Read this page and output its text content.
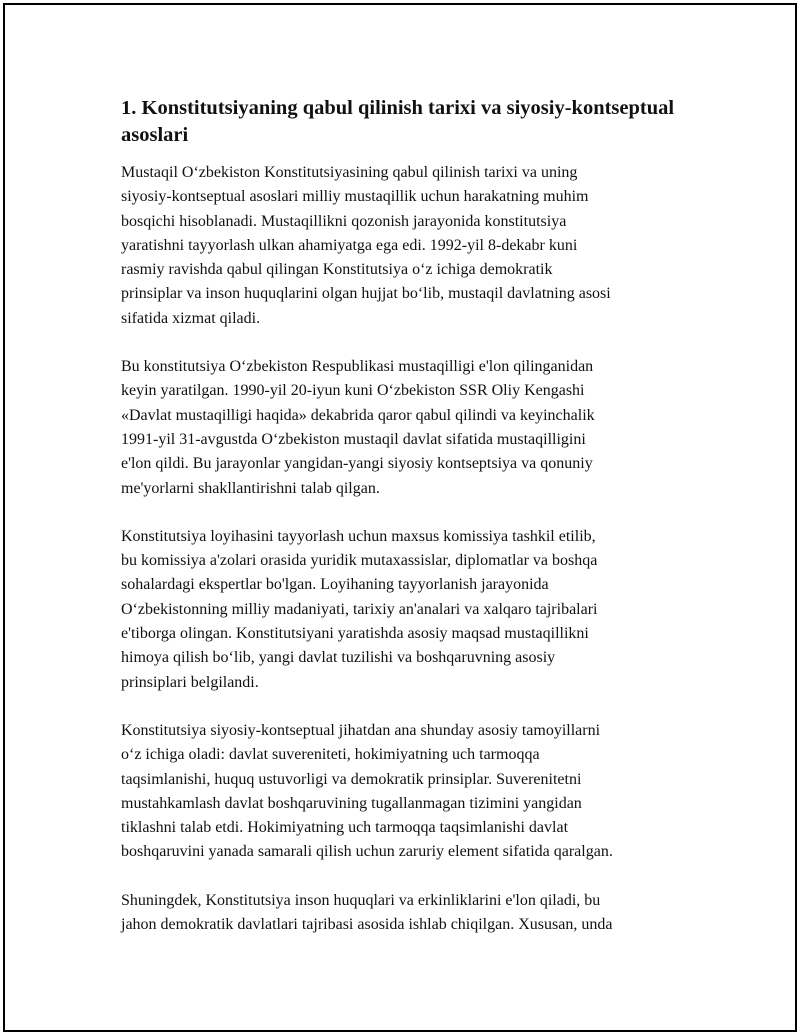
1. Konstitutsiyaning qabul qilinish tarixi va siyosiy-kontseptual
asoslari

Mustaqil O‘zbekiston Konstitutsiyasining qabul qilinish tarixi va uning
siyosiy-kontseptual asoslari milliy mustaqillik uchun harakatning muhim
bosqichi hisoblanadi. Mustaqillikni qozonish jarayonida konstitutsiya
yaratishni tayyorlash ulkan ahamiyatga ega edi. 1992-yil 8-dekabr kuni
rasmiy ravishda qabul qilingan Konstitutsiya o‘z ichiga demokratik
prinsiplar va inson huquqlarini olgan hujjat bo‘lib, mustaqil davlatning asosi
sifatida xizmat qiladi.

Bu konstitutsiya O‘zbekiston Respublikasi mustaqilligi e'lon qilinganidan
keyin yaratilgan. 1990-yil 20-iyun kuni O‘zbekiston SSR Oliy Kengashi
«Davlat mustaqilligi haqida» dekabrida qaror qabul qilindi va keyinchalik
1991-yil 31-avgustda O‘zbekiston mustaqil davlat sifatida mustaqilligini
e'lon qildi. Bu jarayonlar yangidan-yangi siyosiy kontseptsiya va qonuniy
me'yorlarni shakllantirishni talab qilgan.

Konstitutsiya loyihasini tayyorlash uchun maxsus komissiya tashkil etilib,
bu komissiya a'zolari orasida yuridik mutaxassislar, diplomatlar va boshqa
sohalardagi ekspertlar bo'lgan. Loyihaning tayyorlanish jarayonida
O‘zbekistonning milliy madaniyati, tarixiy an'analari va xalqaro tajribalari
e'tiborga olingan. Konstitutsiyani yaratishda asosiy maqsad mustaqillikni
himoya qilish bo‘lib, yangi davlat tuzilishi va boshqaruvning asosiy
prinsiplari belgilandi.

Konstitutsiya siyosiy-kontseptual jihatdan ana shunday asosiy tamoyillarni
o‘z ichiga oladi: davlat suvereniteti, hokimiyatning uch tarmoqqa
taqsimlanishi, huquq ustuvorligi va demokratik prinsiplar. Suverenitetni
mustahkamlash davlat boshqaruvining tugallanmagan tizimini yangidan
tiklashni talab etdi. Hokimiyatning uch tarmoqqa taqsimlanishi davlat
boshqaruvini yanada samarali qilish uchun zaruriy element sifatida qaralgan.

Shuningdek, Konstitutsiya inson huquqlari va erkinliklarini e'lon qiladi, bu
jahon demokratik davlatlari tajribasi asosida ishlab chiqilgan. Xususan, unda
